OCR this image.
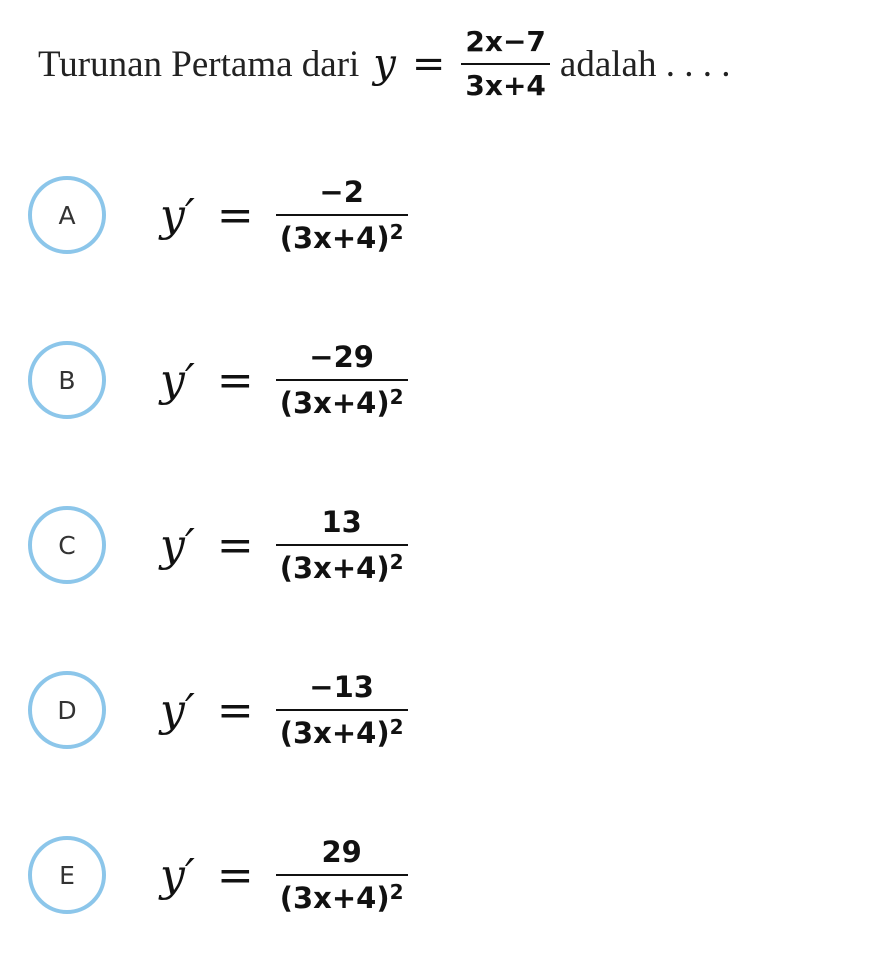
Turunan Pertama dari $y = \frac{2x-7}{3x+4}$ adalah . . . .
A	$y' = \frac{-2}{(3x+4)^2}$
B	$y' = \frac{-29}{(3x+4)^2}$
C	$y' = \frac{13}{(3x+4)^2}$
D	$y' = \frac{-13}{(3x+4)^2}$
E	$y' = \frac{29}{(3x+4)^2}$
